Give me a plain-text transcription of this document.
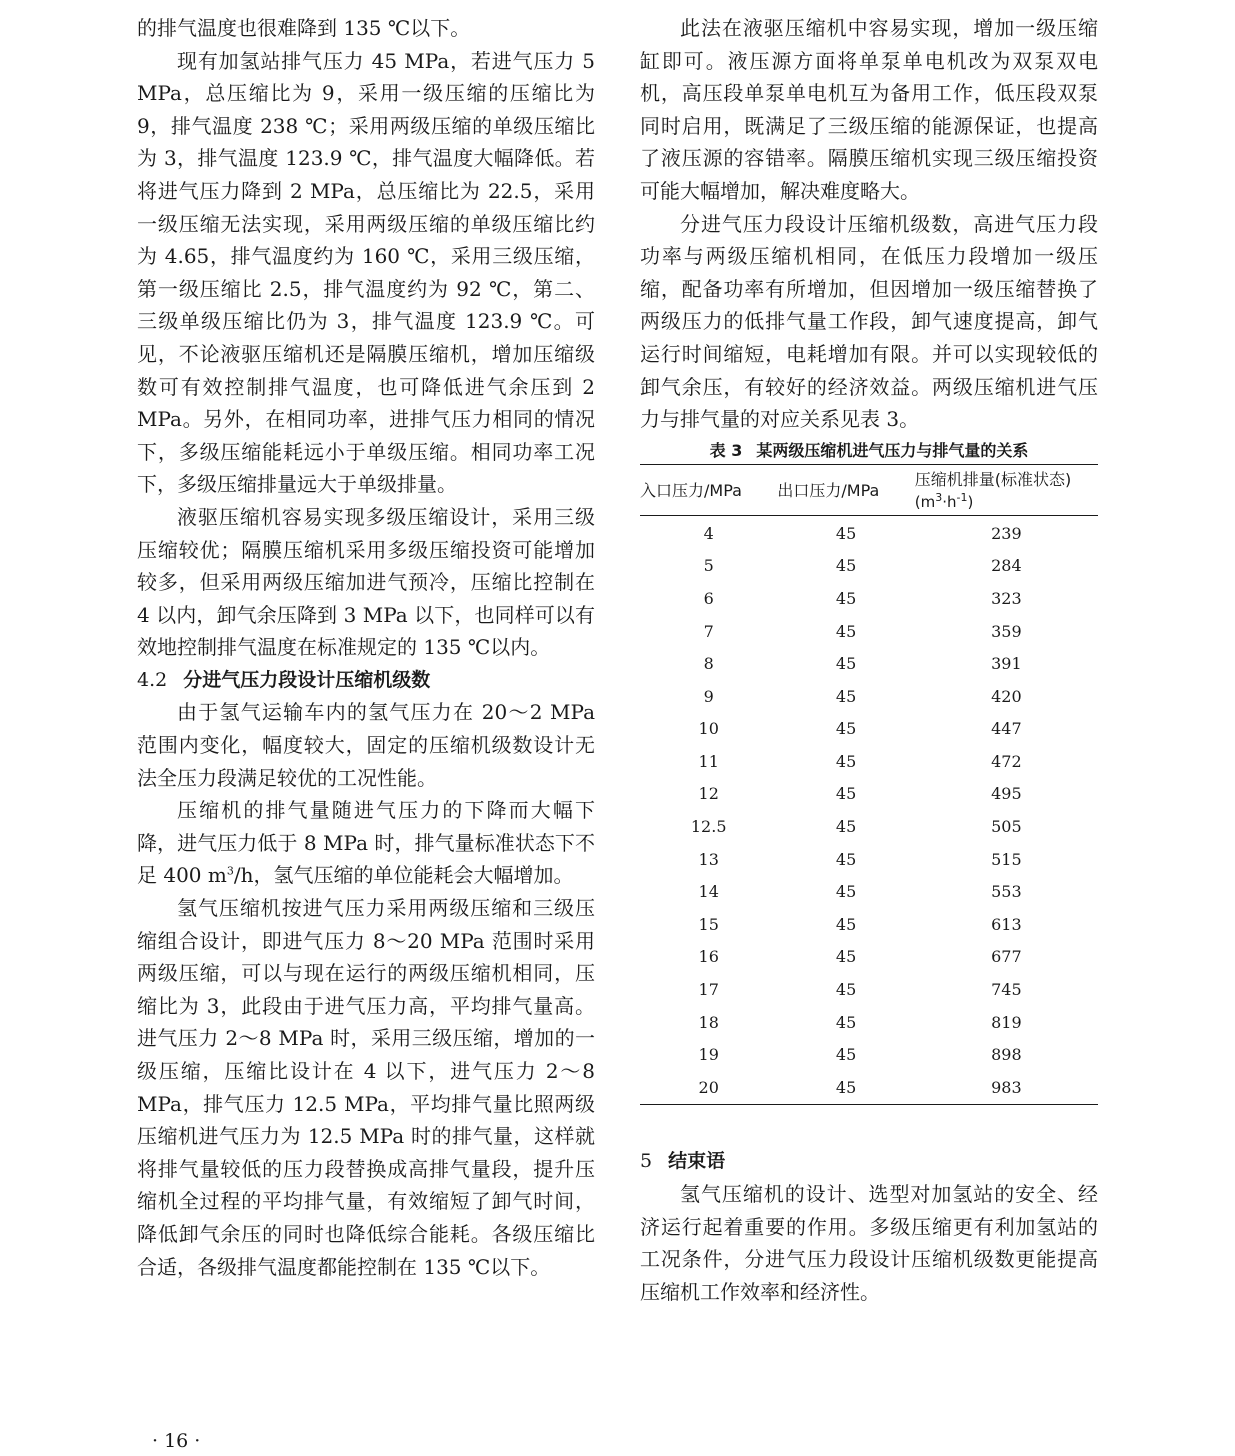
的排气温度也很难降到 135 ℃以下。

现有加氢站排气压力 45 MPa，若进气压力 5 MPa，总压缩比为 9，采用一级压缩的压缩比为 9，排气温度 238 ℃；采用两级压缩的单级压缩比为 3，排气温度 123.9 ℃，排气温度大幅降低。若将进气压力降到 2 MPa，总压缩比为 22.5，采用一级压缩无法实现，采用两级压缩的单级压缩比约为 4.65，排气温度约为 160 ℃，采用三级压缩，第一级压缩比 2.5，排气温度约为 92 ℃，第二、三级单级压缩比仍为 3，排气温度 123.9 ℃。可见，不论液驱压缩机还是隔膜压缩机，增加压缩级数可有效控制排气温度，也可降低进气余压到 2 MPa。另外，在相同功率，进排气压力相同的情况下，多级压缩能耗远小于单级压缩。相同功率工况下，多级压缩排量远大于单级排量。

液驱压缩机容易实现多级压缩设计，采用三级压缩较优；隔膜压缩机采用多级压缩投资可能增加较多，但采用两级压缩加进气预冷，压缩比控制在 4 以内，卸气余压降到 3 MPa 以下，也同样可以有效地控制排气温度在标准规定的 135 ℃以内。

4.2 分进气压力段设计压缩机级数

由于氢气运输车内的氢气压力在 20～2 MPa 范围内变化，幅度较大，固定的压缩机级数设计无法全压力段满足较优的工况性能。

压缩机的排气量随进气压力的下降而大幅下降，进气压力低于 8 MPa 时，排气量标准状态下不足 400 $m^3/h$，氢气压缩的单位能耗会大幅增加。

氢气压缩机按进气压力采用两级压缩和三级压缩组合设计，即进气压力 8～20 MPa 范围时采用两级压缩，可以与现在运行的两级压缩机相同，压缩比为 3，此段由于进气压力高，平均排气量高。进气压力 2～8 MPa 时，采用三级压缩，增加的一级压缩，压缩比设计在 4 以下，进气压力 2～8 MPa，排气压力 12.5 MPa，平均排气量比照两级压缩机进气压力为 12.5 MPa 时的排气量，这样就将排气量较低的压力段替换成高排气量段，提升压缩机全过程的平均排气量，有效缩短了卸气时间，降低卸气余压的同时也降低综合能耗。各级压缩比合适，各级排气温度都能控制在 135 ℃以下。

此法在液驱压缩机中容易实现，增加一级压缩缸即可。液压源方面将单泵单电机改为双泵双电机，高压段单泵单电机互为备用工作，低压段双泵同时启用，既满足了三级压缩的能源保证，也提高了液压源的容错率。隔膜压缩机实现三级压缩投资可能大幅增加，解决难度略大。

分进气压力段设计压缩机级数，高进气压力段功率与两级压缩机相同，在低压力段增加一级压缩，配备功率有所增加，但因增加一级压缩替换了两级压力的低排气量工作段，卸气速度提高，卸气运行时间缩短，电耗增加有限。并可以实现较低的卸气余压，有较好的经济效益。两级压缩机进气压力与排气量的对应关系见表 3。

表 3 某两级压缩机进气压力与排气量的关系
入口压力/MPa	出口压力/MPa	压缩机排量(标准状态)
$(m^3\cdot h^{-1})$

4	45	239
5	45	284
6	45	323
7	45	359
8	45	391
9	45	420
10	45	447
11	45	472
12	45	495
12.5	45	505
13	45	515
14	45	553
15	45	613
16	45	677
17	45	745
18	45	819
19	45	898
20	45	983

5 结束语

氢气压缩机的设计、选型对加氢站的安全、经济运行起着重要的作用。多级压缩更有利加氢站的工况条件，分进气压力段设计压缩机级数更能提高压缩机工作效率和经济性。

· 16 ·
